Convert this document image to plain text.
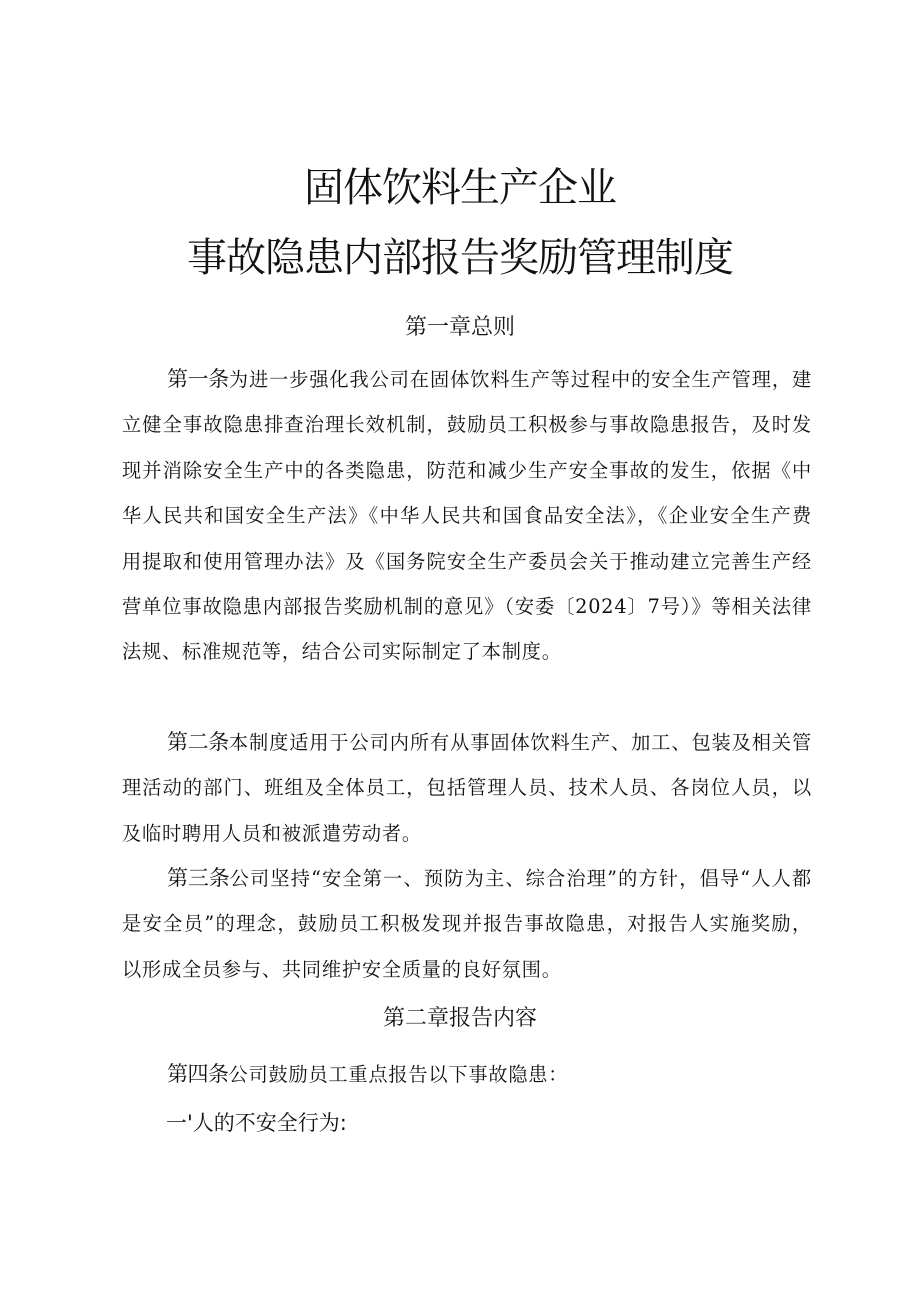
固体饮料生产企业
事故隐患内部报告奖励管理制度
第一章总则

第一条为进一步强化我公司在固体饮料生产等过程中的安全生产管理，建立健全事故隐患排查治理长效机制，鼓励员工积极参与事故隐患报告，及时发现并消除安全生产中的各类隐患，防范和减少生产安全事故的发生，依据《中华人民共和国安全生产法》《中华人民共和国食品安全法》，《企业安全生产费用提取和使用管理办法》及《国务院安全生产委员会关于推动建立完善生产经营单位事故隐患内部报告奖励机制的意见》（安委〔2024〕7号）》等相关法律法规、标准规范等，结合公司实际制定了本制度。

第二条本制度适用于公司内所有从事固体饮料生产、加工、包装及相关管理活动的部门、班组及全体员工，包括管理人员、技术人员、各岗位人员，以及临时聘用人员和被派遣劳动者。

第三条公司坚持“安全第一、预防为主、综合治理”的方针，倡导“人人都是安全员”的理念，鼓励员工积极发现并报告事故隐患，对报告人实施奖励，以形成全员参与、共同维护安全质量的良好氛围。

第二章报告内容

第四条公司鼓励员工重点报告以下事故隐患：

一'人的不安全行为:
